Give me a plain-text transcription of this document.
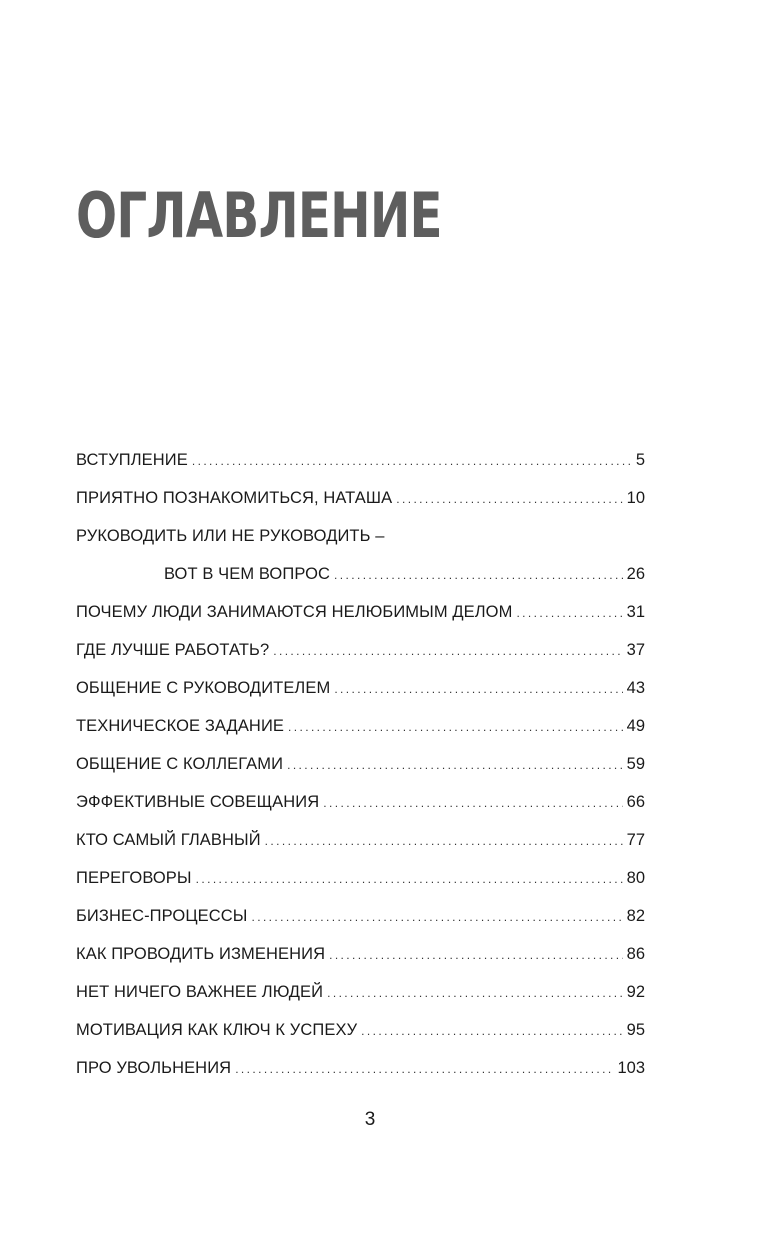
ОГЛАВЛЕНИЕ
ВСТУПЛЕНИЕ .....	5
ПРИЯТНО ПОЗНАКОМИТЬСЯ, НАТАША .....	10
РУКОВОДИТЬ ИЛИ НЕ РУКОВОДИТЬ –
ВОТ В ЧЕМ ВОПРОС .....	26
ПОЧЕМУ ЛЮДИ ЗАНИМАЮТСЯ НЕЛЮБИМЫМ ДЕЛОМ .....	31
ГДЕ ЛУЧШЕ РАБОТАТЬ? .....	37
ОБЩЕНИЕ С РУКОВОДИТЕЛЕМ .....	43
ТЕХНИЧЕСКОЕ ЗАДАНИЕ .....	49
ОБЩЕНИЕ С КОЛЛЕГАМИ .....	59
ЭФФЕКТИВНЫЕ СОВЕЩАНИЯ .....	66
КТО САМЫЙ ГЛАВНЫЙ .....	77
ПЕРЕГОВОРЫ .....	80
БИЗНЕС-ПРОЦЕССЫ .....	82
КАК ПРОВОДИТЬ ИЗМЕНЕНИЯ .....	86
НЕТ НИЧЕГО ВАЖНЕЕ ЛЮДЕЙ .....	92
МОТИВАЦИЯ КАК КЛЮЧ К УСПЕХУ .....	95
ПРО УВОЛЬНЕНИЯ .....	103
3
